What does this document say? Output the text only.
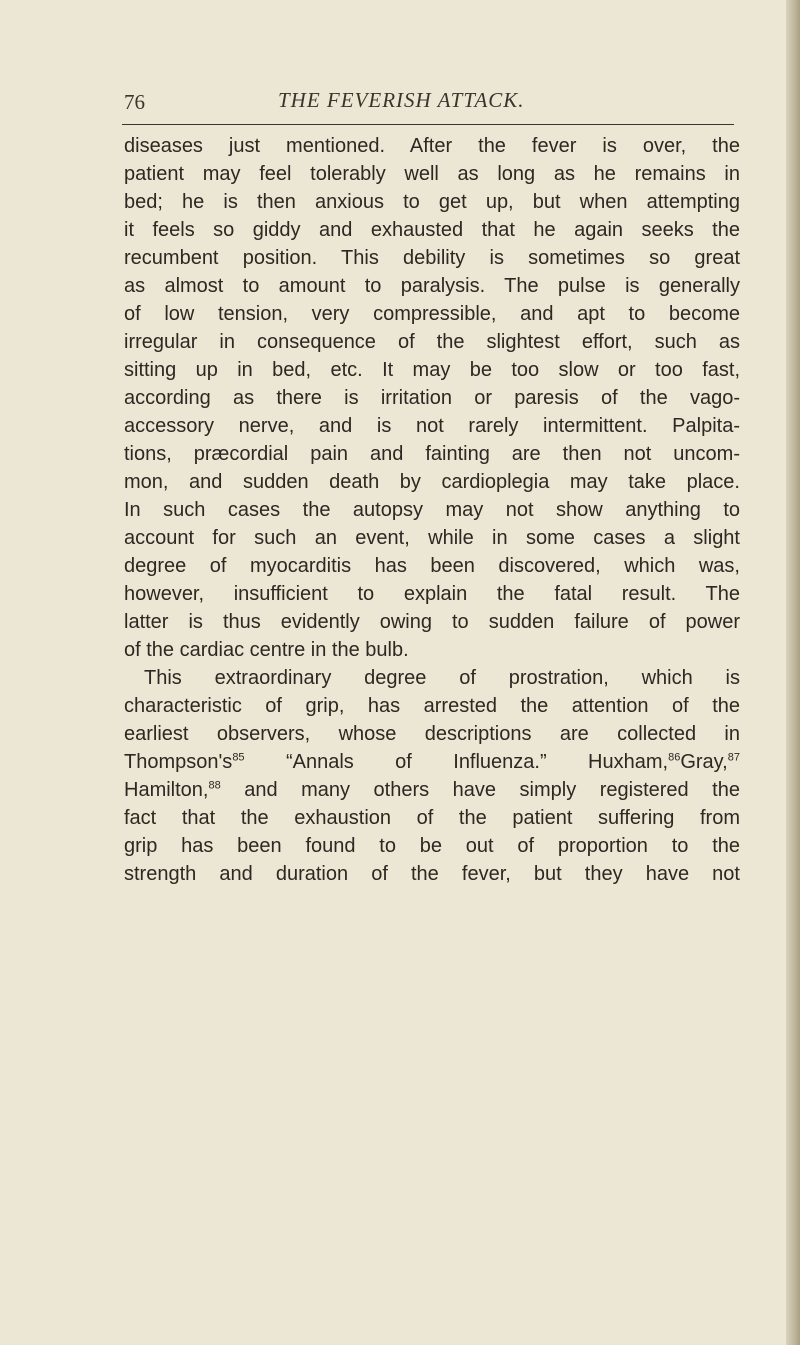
76	THE FEVERISH ATTACK.
diseases just mentioned. After the fever is over, the
patient may feel tolerably well as long as he remains in
bed; he is then anxious to get up, but when attempting
it feels so giddy and exhausted that he again seeks the
recumbent position. This debility is sometimes so great
as almost to amount to paralysis. The pulse is generally
of low tension, very compressible, and apt to become
irregular in consequence of the slightest effort, such as
sitting up in bed, etc. It may be too slow or too fast,
according as there is irritation or paresis of the vago-
accessory nerve, and is not rarely intermittent. Palpita-
tions, præcordial pain and fainting are then not uncom-
mon, and sudden death by cardioplegia may take place.
In such cases the autopsy may not show anything to
account for such an event, while in some cases a slight
degree of myocarditis has been discovered, which was,
however, insufficient to explain the fatal result. The
latter is thus evidently owing to sudden failure of power
of the cardiac centre in the bulb.
This extraordinary degree of prostration, which is
characteristic of grip, has arrested the attention of the
earliest observers, whose descriptions are collected in
$Thompson's^{85}$ “Annals of Influenza.” Huxham,$^{86}$Gray,$^{87}$
Hamilton,$^{88}$ and many others have simply registered the
fact that the exhaustion of the patient suffering from
grip has been found to be out of proportion to the
strength and duration of the fever, but they have not
